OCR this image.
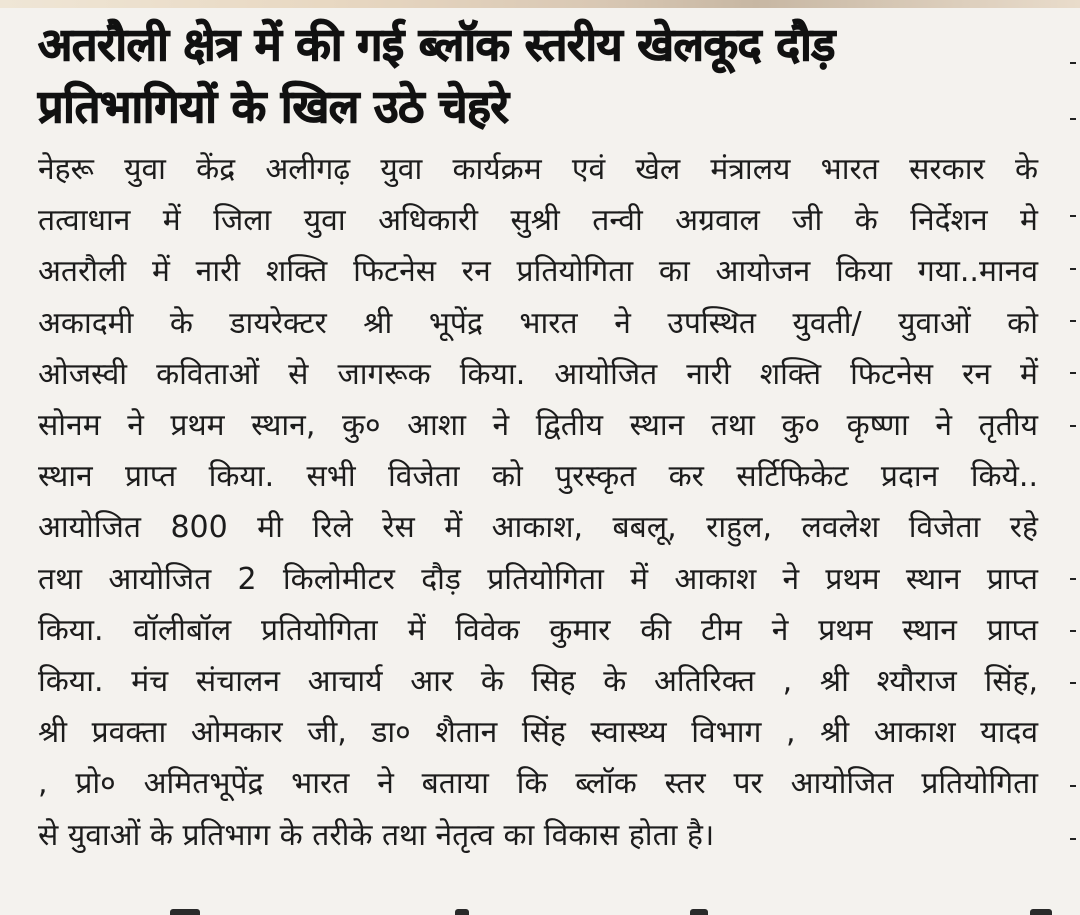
अतरौली क्षेत्र में की गई ब्लॉक स्तरीय खेलकूद दौड़
प्रतिभागियों के खिल उठे चेहरे
नेहरू युवा केंद्र अलीगढ़ युवा कार्यक्रम एवं खेल मंत्रालय भारत सरकार के
तत्वाधान में जिला युवा अधिकारी सुश्री तन्वी अग्रवाल जी के निर्देशन मे
अतरौली में नारी शक्ति फिटनेस रन प्रतियोगिता का आयोजन किया गया..मानव
अकादमी के डायरेक्टर श्री भूपेंद्र भारत ने उपस्थित युवती/ युवाओं को
ओजस्वी कविताओं से जागरूक किया. आयोजित नारी शक्ति फिटनेस रन में
सोनम ने प्रथम स्थान, कु० आशा ने द्वितीय स्थान तथा कु० कृष्णा ने तृतीय
स्थान प्राप्त किया. सभी विजेता को पुरस्कृत कर सर्टिफिकेट प्रदान किये..
आयोजित 800 मी रिले रेस में आकाश, बबलू, राहुल, लवलेश विजेता रहे
तथा आयोजित 2 किलोमीटर दौड़ प्रतियोगिता में आकाश ने प्रथम स्थान प्राप्त
किया. वॉलीबॉल प्रतियोगिता में विवेक कुमार की टीम ने प्रथम स्थान प्राप्त
किया. मंच संचालन आचार्य आर के सिह के अतिरिक्त , श्री श्यौराज सिंह,
श्री प्रवक्ता ओमकार जी, डा० शैतान सिंह स्वास्थ्य विभाग , श्री आकाश यादव
, प्रो० अमितभूपेंद्र भारत ने बताया कि ब्लॉक स्तर पर आयोजित प्रतियोगिता
से युवाओं के प्रतिभाग के तरीके तथा नेतृत्व का विकास होता है।
